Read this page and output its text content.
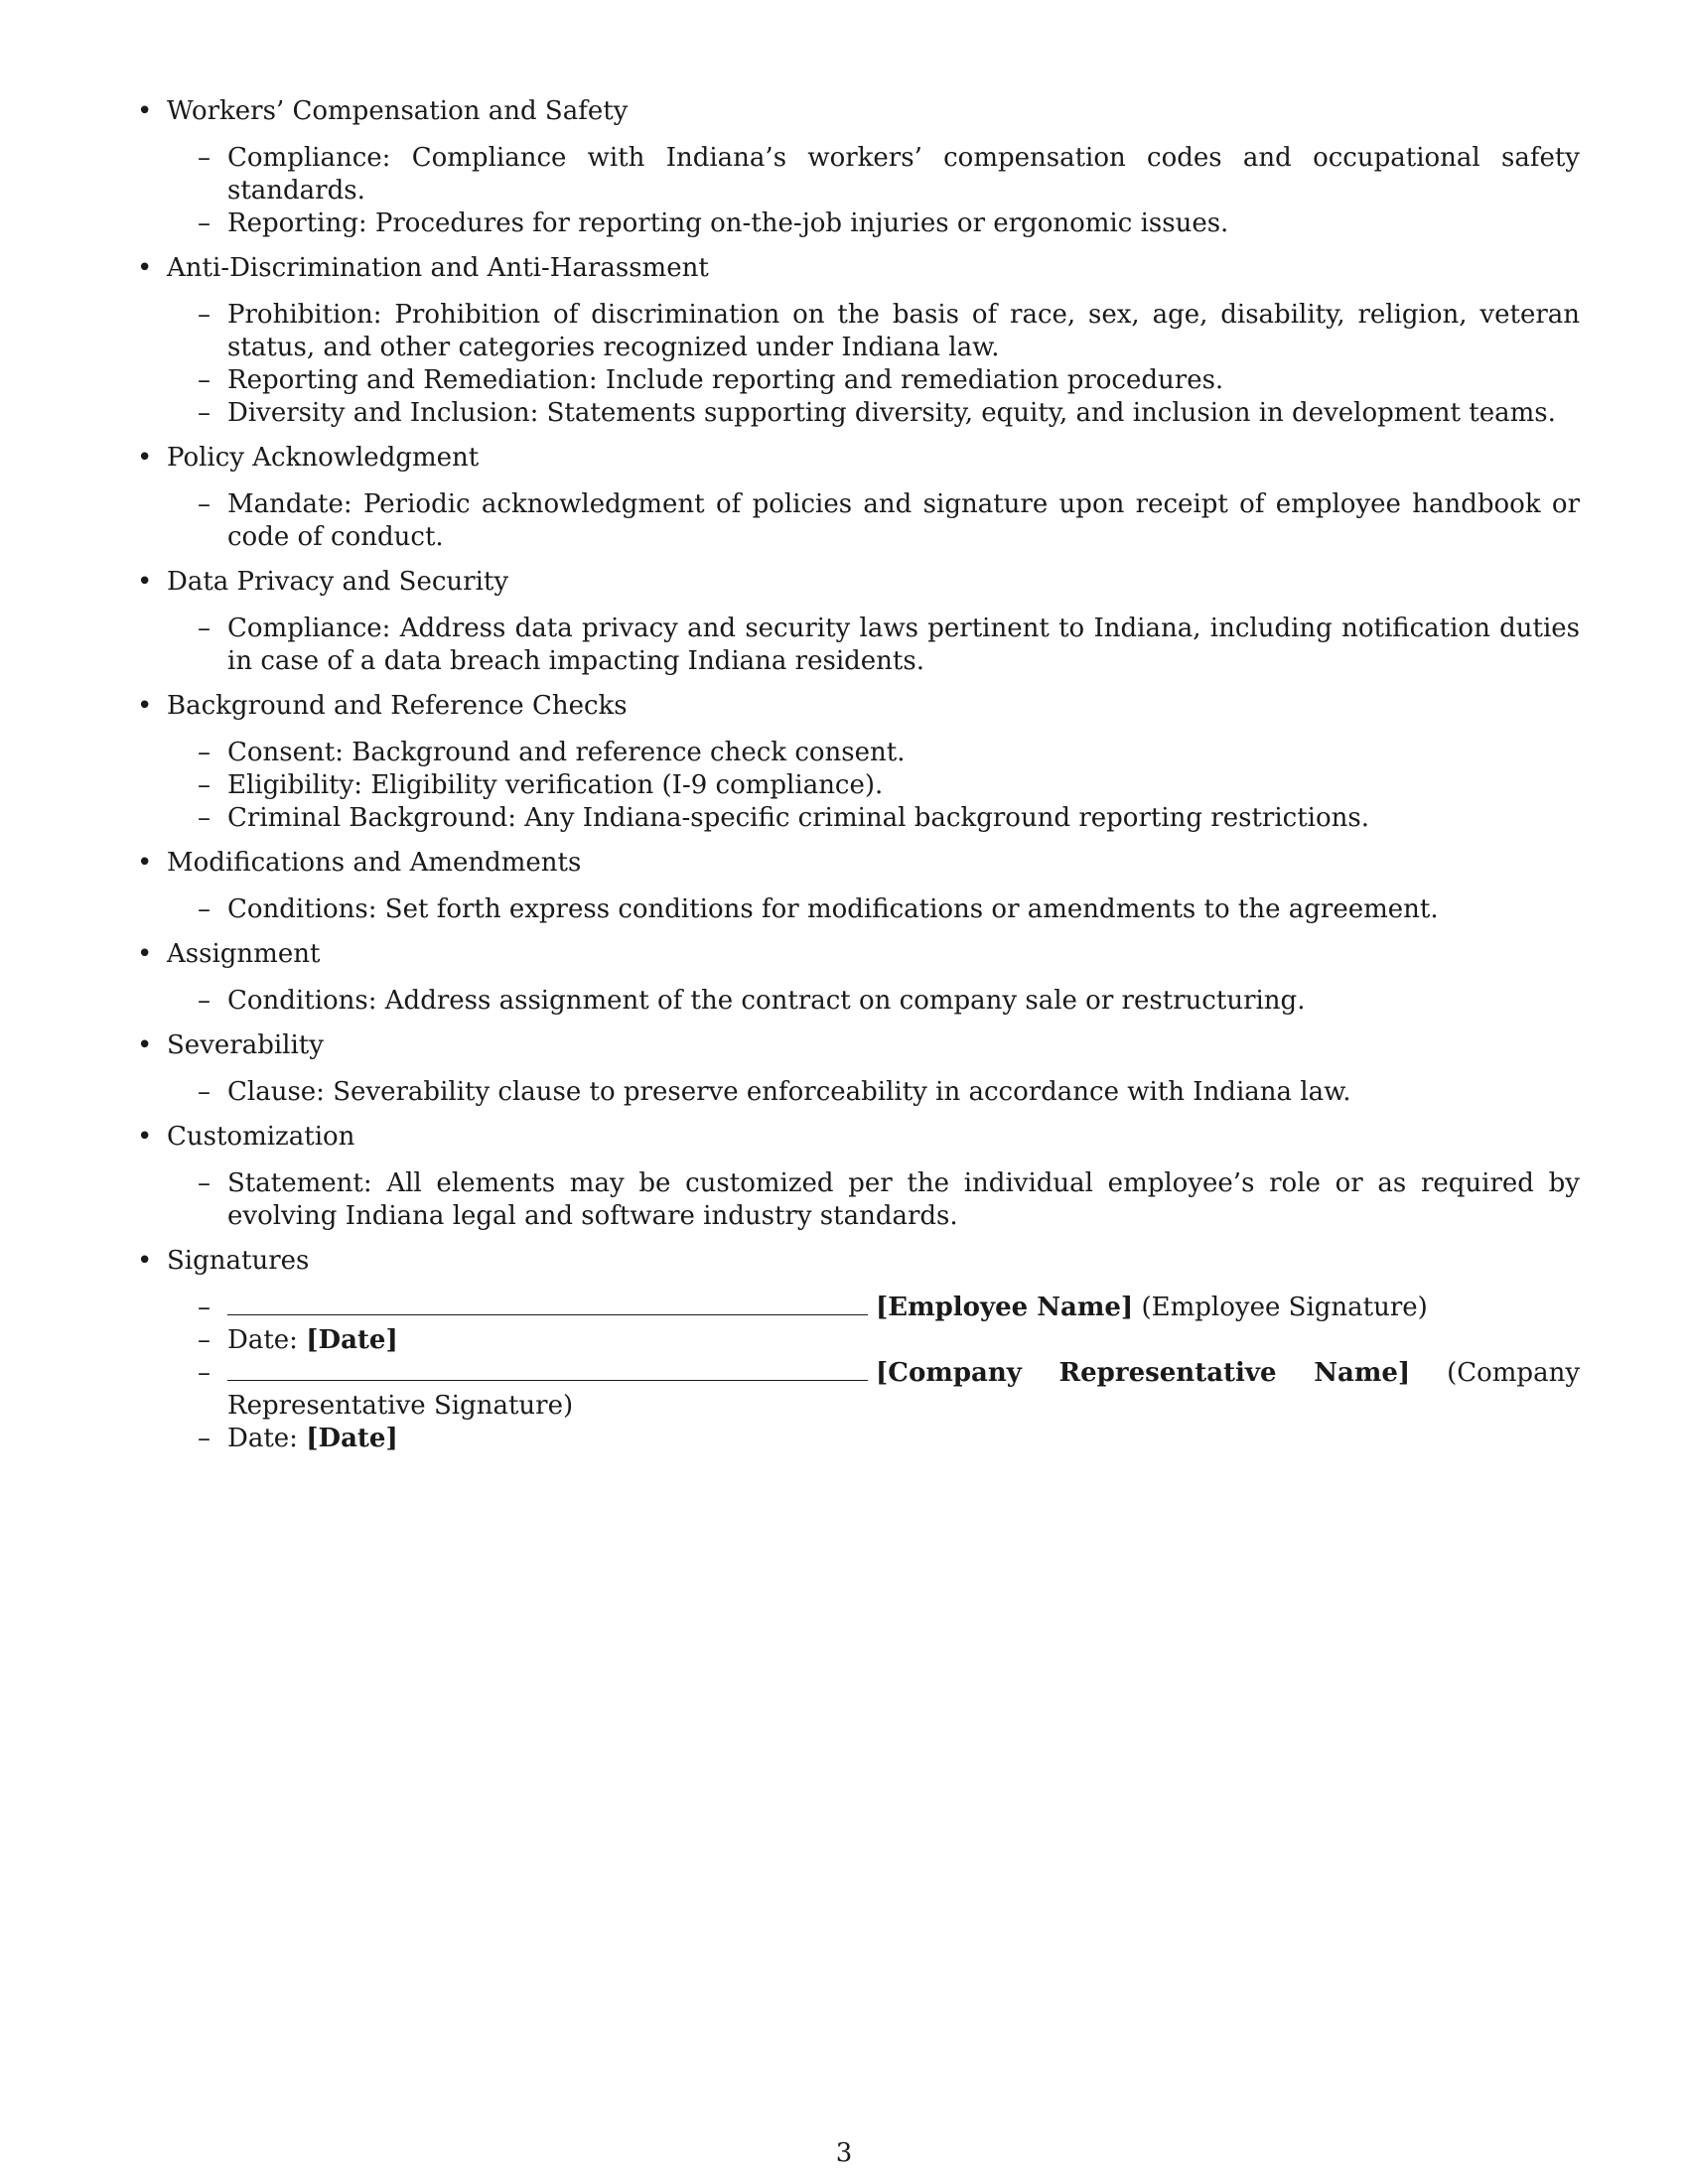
• Workers’ Compensation and Safety
– Compliance: Compliance with Indiana’s workers’ compensation codes and occupational safety standards.
– Reporting: Procedures for reporting on-the-job injuries or ergonomic issues.
• Anti-Discrimination and Anti-Harassment
– Prohibition: Prohibition of discrimination on the basis of race, sex, age, disability, religion, veteran status, and other categories recognized under Indiana law.
– Reporting and Remediation: Include reporting and remediation procedures.
– Diversity and Inclusion: Statements supporting diversity, equity, and inclusion in development teams.
• Policy Acknowledgment
– Mandate: Periodic acknowledgment of policies and signature upon receipt of employee handbook or code of conduct.
• Data Privacy and Security
– Compliance: Address data privacy and security laws pertinent to Indiana, including notification duties in case of a data breach impacting Indiana residents.
• Background and Reference Checks
– Consent: Background and reference check consent.
– Eligibility: Eligibility verification (I-9 compliance).
– Criminal Background: Any Indiana-specific criminal background reporting restrictions.
• Modifications and Amendments
– Conditions: Set forth express conditions for modifications or amendments to the agreement.
• Assignment
– Conditions: Address assignment of the contract on company sale or restructuring.
• Severability
– Clause: Severability clause to preserve enforceability in accordance with Indiana law.
• Customization
– Statement: All elements may be customized per the individual employee’s role or as required by evolving Indiana legal and software industry standards.
• Signatures
–	[Employee Name] (Employee Signature)
– Date: [Date]
–	[Company Representative Name] (Company Representative Signature)
– Date: [Date]
3
